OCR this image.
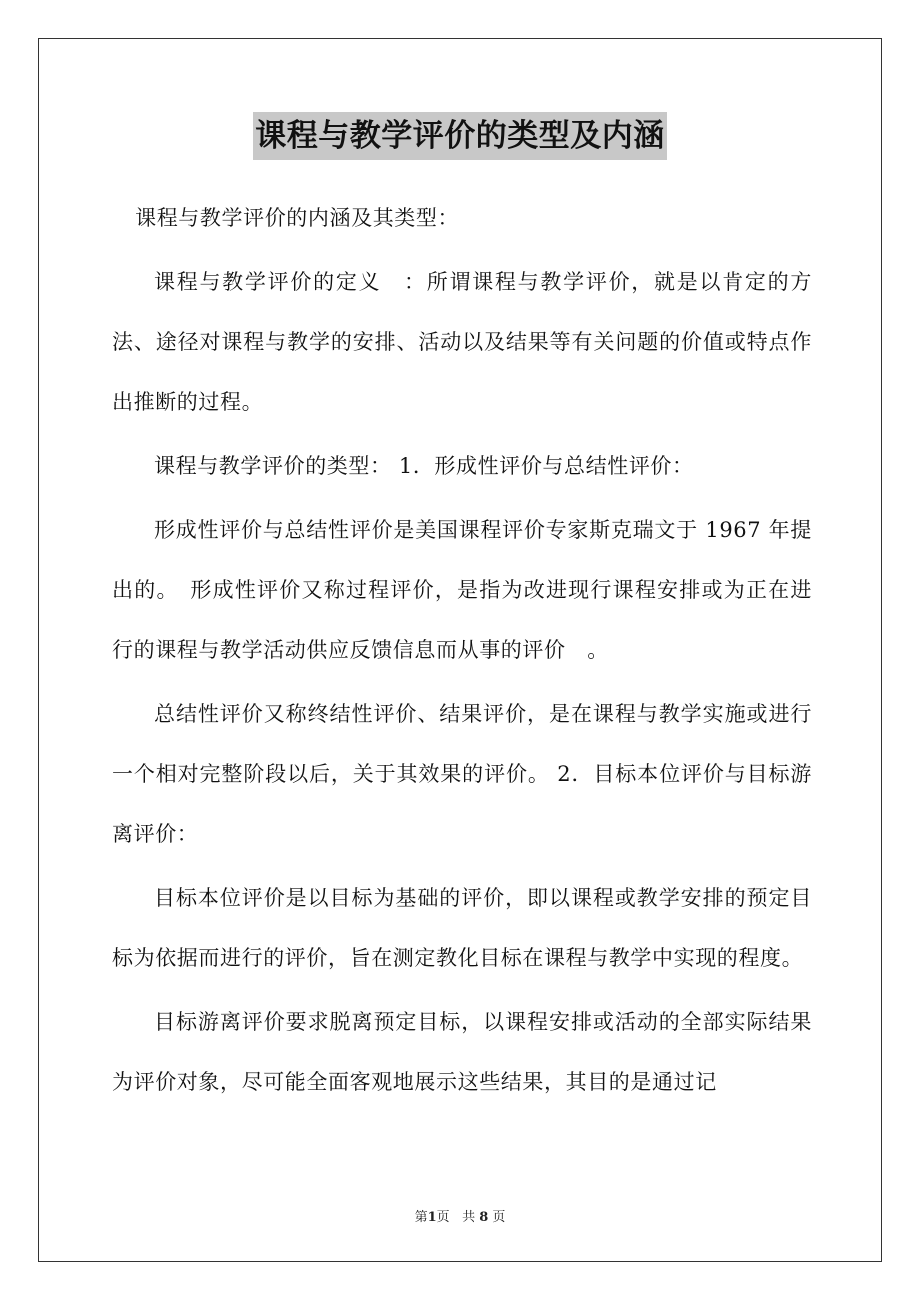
课程与教学评价的类型及内涵

课程与教学评价的内涵及其类型：

课程与教学评价的定义　：所谓课程与教学评价，就是以肯定的方法、途径对课程与教学的安排、活动以及结果等有关问题的价值或特点作出推断的过程。

课程与教学评价的类型： 1．形成性评价与总结性评价：

形成性评价与总结性评价是美国课程评价专家斯克瑞文于 1967 年提出的。　形成性评价又称过程评价，是指为改进现行课程安排或为正在进行的课程与教学活动供应反馈信息而从事的评价　。

总结性评价又称终结性评价、结果评价，是在课程与教学实施或进行一个相对完整阶段以后，关于其效果的评价。 2．目标本位评价与目标游离评价：

目标本位评价是以目标为基础的评价，即以课程或教学安排的预定目标为依据而进行的评价，旨在测定教化目标在课程与教学中实现的程度。

目标游离评价要求脱离预定目标，以课程安排或活动的全部实际结果为评价对象，尽可能全面客观地展示这些结果，其目的是通过记

第1页 共 8 页
